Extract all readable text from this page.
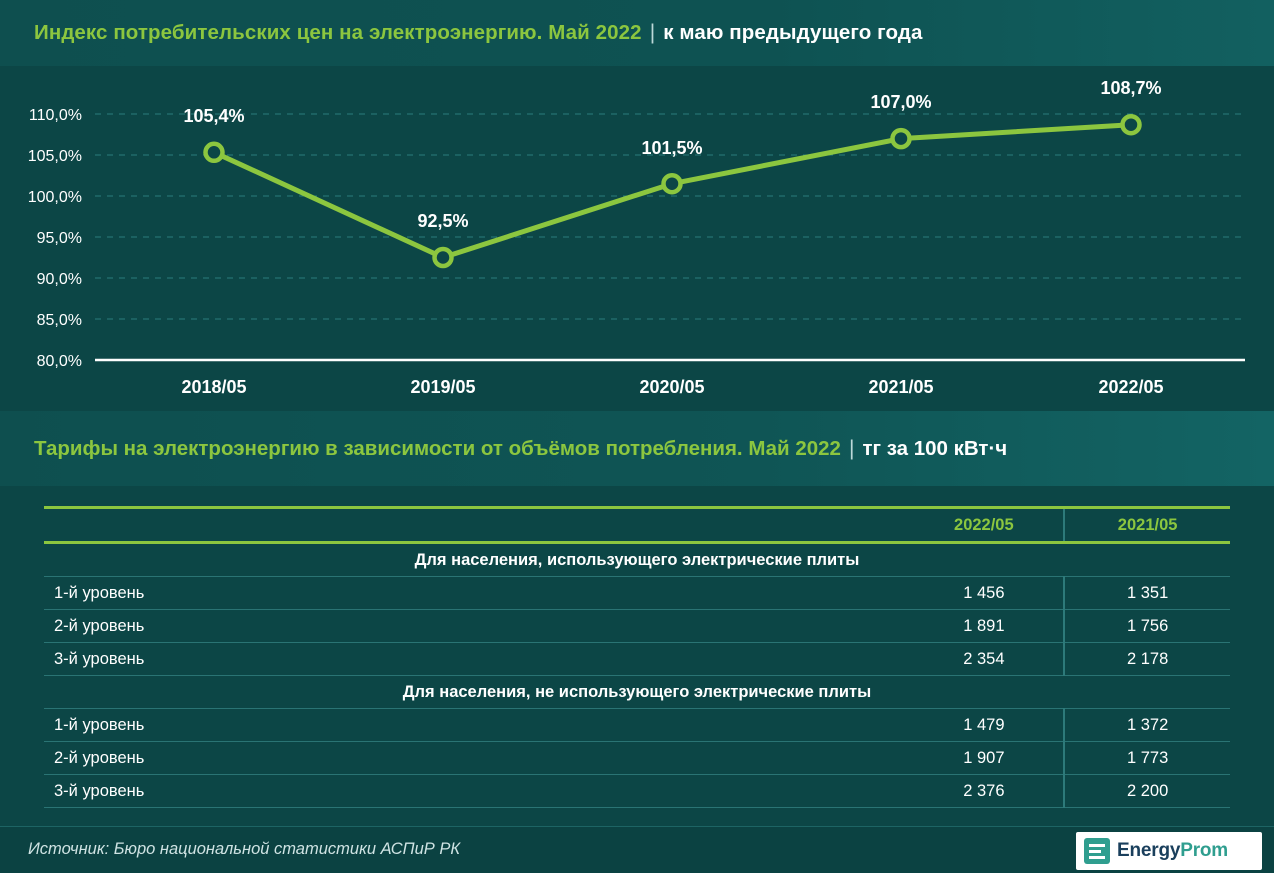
Индекс потребительских цен на электроэнергию. Май 2022 | к маю предыдущего года
110,0%
105,0%
100,0%
95,0%
90,0%
85,0%
80,0%
105,4%
92,5%
101,5%
107,0%
108,7%
2018/05	2019/05	2020/05	2021/05	2022/05
Тарифы на электроэнергию в зависимости от объёмов потребления. Май 2022 | тг за 100 кВт·ч
	2022/05	2021/05
Для населения, использующего электрические плиты		
1-й уровень	1 456	1 351
2-й уровень	1 891	1 756
3-й уровень	2 354	2 178
Для населения, не использующего электрические плиты		
1-й уровень	1 479	1 372
2-й уровень	1 907	1 773
3-й уровень	2 376	2 200
Источник: Бюро национальной статистики АСПиР РК	EnergyProm
